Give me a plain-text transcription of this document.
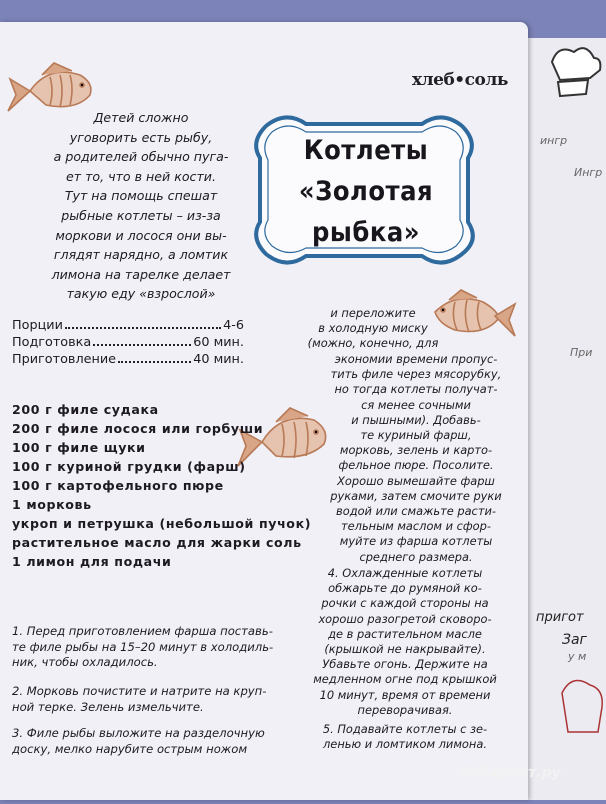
ингр
Ингр
При
пригот
Заг
у м
хлеб•соль
Детей сложно
уговорить есть рыбу,
а родителей обычно пуга-
ет то, что в ней кости.
Тут на помощь спешат
рыбные котлеты – из-за
моркови и лосося они вы-
глядят нарядно, а ломтик
лимона на тарелке делает
такую еду «взрослой»
Котлеты
«Золотая
рыбка»
Порции	4-6
Подготовка	60 мин.
Приготовление	40 мин.
200 г филе судака
200 г филе лосося или горбуши
100 г филе щуки
100 г куриной грудки (фарш)
100 г картофельного пюре
1 морковь
укроп и петрушка (небольшой пучок)
растительное масло для жарки соль
1 лимон для подачи
1. Перед приготовлением фарша поставь-
те филе рыбы на 15–20 минут в холодиль-
ник, чтобы охладилось.
2. Морковь почистите и натрите на круп-
ной терке. Зелень измельчите.
3. Филе рыбы выложите на разделочную
доску, мелко нарубите острым ножом
и переложите
в холодную миску
(можно, конечно, для
экономии времени пропус-
тить филе через мясорубку,
но тогда котлеты получат-
ся менее сочными
и пышными). Добавь-
те куриный фарш,
морковь, зелень и карто-
фельное пюре. Посолите.
Хорошо вымешайте фарш
руками, затем смочите руки
водой или смажьте расти-
тельным маслом и сфор-
муйте из фарша котлеты
среднего размера.
4. Охлажденные котлеты
обжарьте до румяной ко-
рочки с каждой стороны на
хорошо разогретой сковоро-
де в растительном масле
(крышкой не накрывайте).
Убавьте огонь. Держите на
медленном огне под крышкой
10 минут, время от времени
переворачивая.
5. Подавайте котлеты с зе-
ленью и ломтиком лимона.
Лабиринт.ру
